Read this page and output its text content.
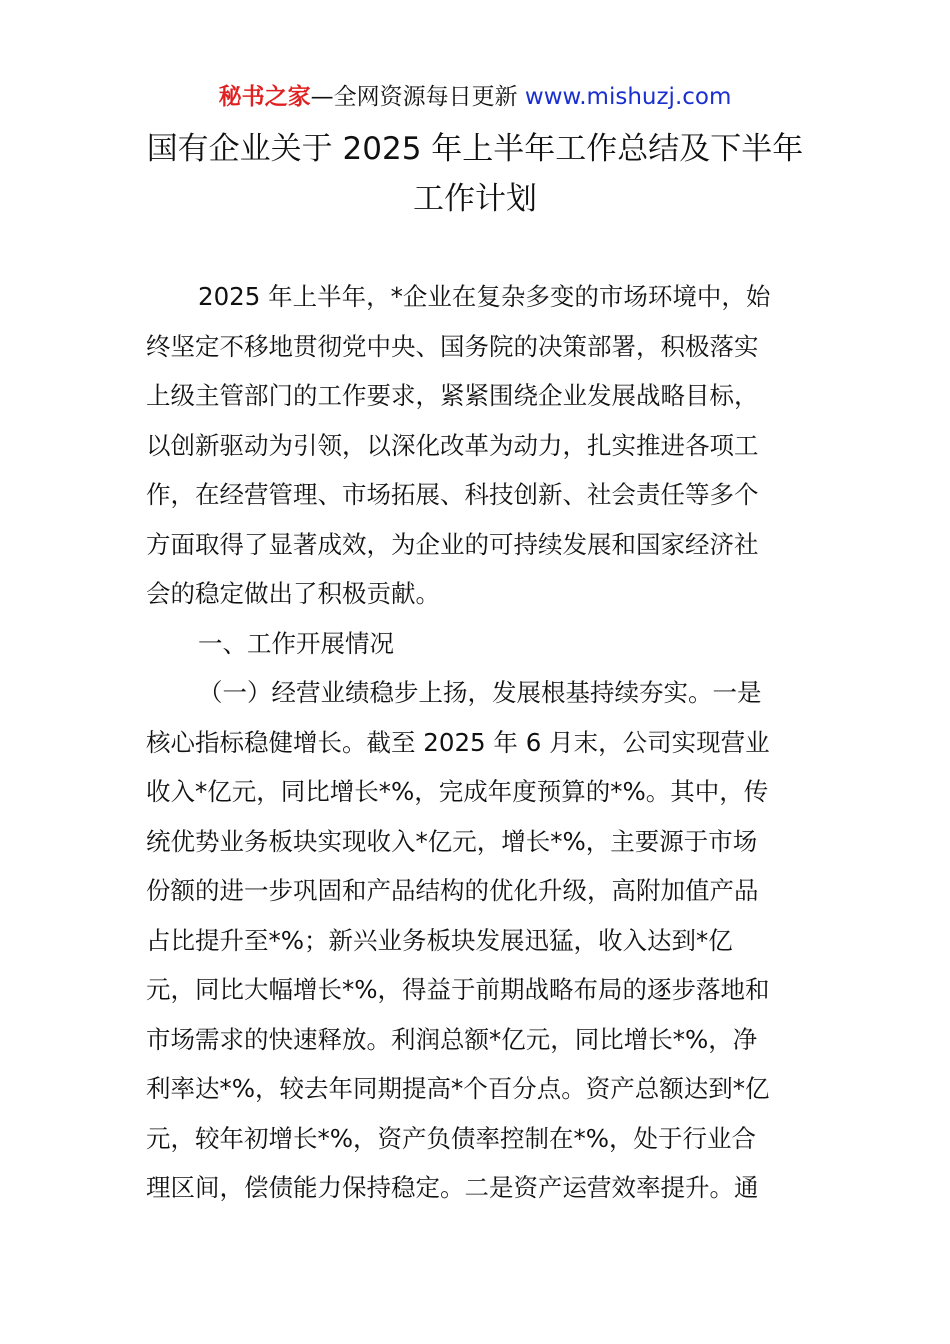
秘书之家—全网资源每日更新 www.mishuzj.com
国有企业关于 2025 年上半年工作总结及下半年
工作计划
2025 年上半年，*企业在复杂多变的市场环境中，始
终坚定不移地贯彻党中央、国务院的决策部署，积极落实
上级主管部门的工作要求，紧紧围绕企业发展战略目标，
以创新驱动为引领，以深化改革为动力，扎实推进各项工
作，在经营管理、市场拓展、科技创新、社会责任等多个
方面取得了显著成效，为企业的可持续发展和国家经济社
会的稳定做出了积极贡献。
一、工作开展情况
（一）经营业绩稳步上扬，发展根基持续夯实。一是
核心指标稳健增长。截至 2025 年 6 月末，公司实现营业
收入*亿元，同比增长*%，完成年度预算的*%。其中，传
统优势业务板块实现收入*亿元，增长*%，主要源于市场
份额的进一步巩固和产品结构的优化升级，高附加值产品
占比提升至*%；新兴业务板块发展迅猛，收入达到*亿
元，同比大幅增长*%，得益于前期战略布局的逐步落地和
市场需求的快速释放。利润总额*亿元，同比增长*%，净
利率达*%，较去年同期提高*个百分点。资产总额达到*亿
元，较年初增长*%，资产负债率控制在*%，处于行业合
理区间，偿债能力保持稳定。二是资产运营效率提升。通
